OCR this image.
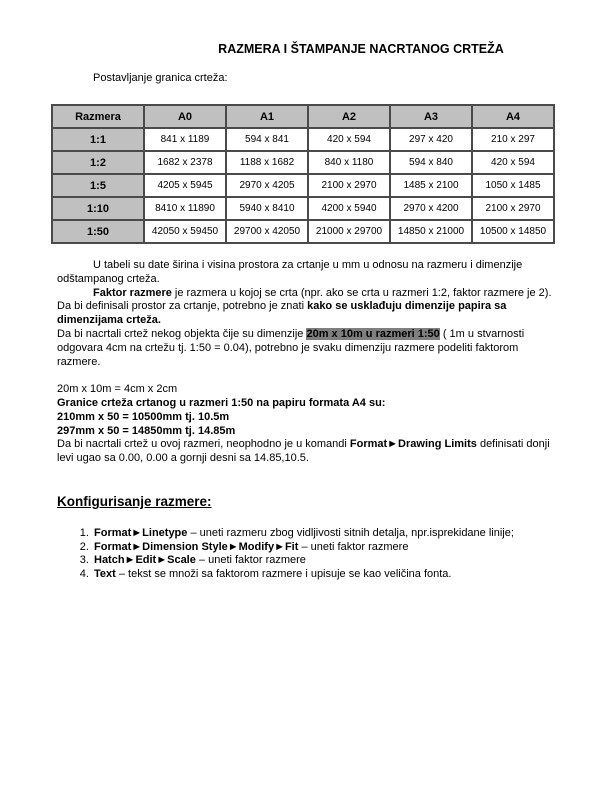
RAZMERA I ŠTAMPANJE NACRTANOG CRTEŽA
Postavljanje granica crteža:
Razmera	A0	A1	A2	A3	A4
1:1	841 x 1189	594 x 841	420 x 594	297 x 420	210 x 297
1:2	1682 x 2378	1188 x 1682	840 x 1180	594 x 840	420 x 594
1:5	4205 x 5945	2970 x 4205	2100 x 2970	1485 x 2100	1050 x 1485
1:10	8410 x 11890	5940 x 8410	4200 x 5940	2970 x 4200	2100 x 2970
1:50	42050 x 59450	29700 x 42050	21000 x 29700	14850 x 21000	10500 x 14850

U tabeli su date širina i visina prostora za crtanje u mm u odnosu na razmeru i dimenzije odštampanog crteža.

Faktor razmere je razmera u kojoj se crta (npr. ako se crta u razmeri 1:2, faktor razmere je 2).

Da bi definisali prostor za crtanje, potrebno je znati kako se usklađuju dimenzije papira sa dimenzijama crteža.

Da bi nacrtali crtež nekog objekta čije su dimenzije 20m x 10m u razmeri 1:50 ( 1m u stvarnosti odgovara 4cm na crtežu tj. 1:50 = 0.04), potrebno je svaku dimenziju razmere podeliti faktorom razmere.

20m x 10m = 4cm x 2cm

Granice crteža crtanog u razmeri 1:50 na papiru formata A4 su:

210mm x 50 = 10500mm tj. 10.5m

297mm x 50 = 14850mm tj. 14.85m

Da bi nacrtali crtež u ovoj razmeri, neophodno je u komandi Format►Drawing Limits definisati donji levi ugao sa 0.00, 0.00 a gornji desni sa 14.85,10.5.

Konfigurisanje razmere:
1. Format►Linetype – uneti razmeru zbog vidljivosti sitnih detalja, npr.isprekidane linije;
2. Format►Dimension Style►Modify►Fit – uneti faktor razmere
3. Hatch►Edit►Scale – uneti faktor razmere
4. Text – tekst se množi sa faktorom razmere i upisuje se kao veličina fonta.
